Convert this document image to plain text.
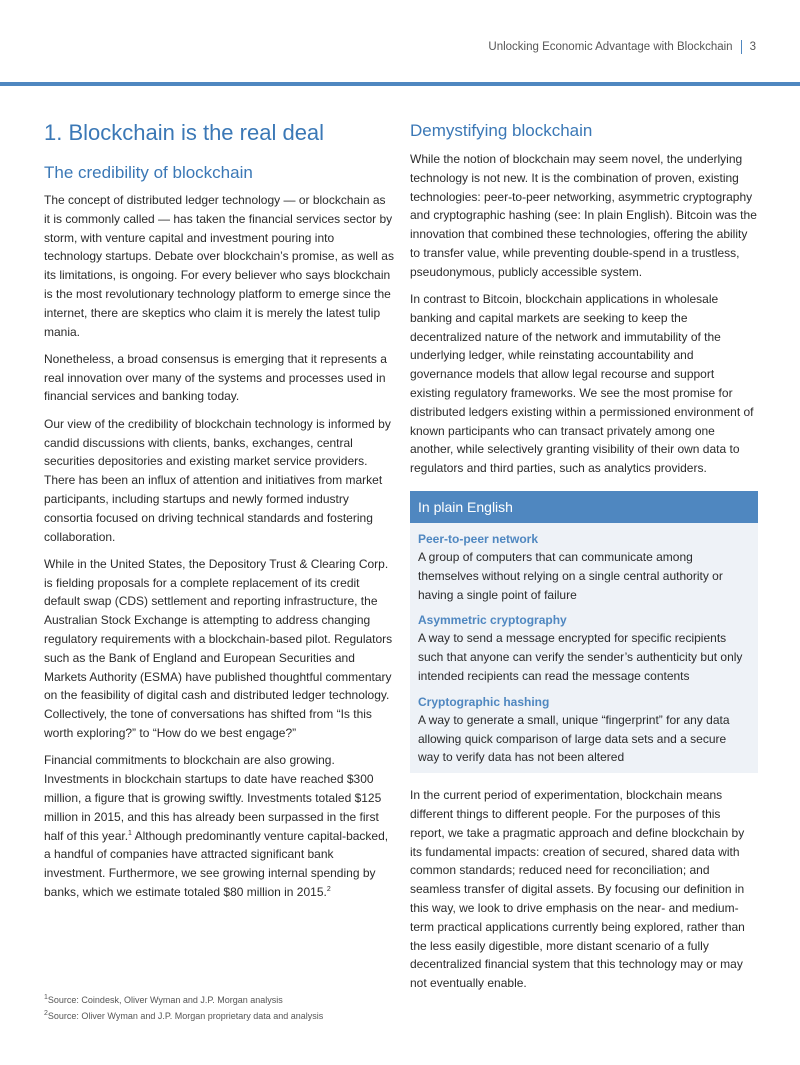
Unlocking Economic Advantage with Blockchain 3
1. Blockchain is the real deal
The credibility of blockchain

The concept of distributed ledger technology — or blockchain as it is commonly called — has taken the financial services sector by storm, with venture capital and investment pouring into technology startups. Debate over blockchain’s promise, as well as its limitations, is ongoing. For every believer who says blockchain is the most revolutionary technology platform to emerge since the internet, there are skeptics who claim it is merely the latest tulip mania.

Nonetheless, a broad consensus is emerging that it represents a real innovation over many of the systems and processes used in financial services and banking today.

Our view of the credibility of blockchain technology is informed by candid discussions with clients, banks, exchanges, central securities depositories and existing market service providers. There has been an influx of attention and initiatives from market participants, including startups and newly formed industry consortia focused on driving technical standards and fostering collaboration.

While in the United States, the Depository Trust & Clearing Corp. is fielding proposals for a complete replacement of its credit default swap (CDS) settlement and reporting infrastructure, the Australian Stock Exchange is attempting to address changing regulatory requirements with a blockchain-based pilot. Regulators such as the Bank of England and European Securities and Markets Authority (ESMA) have published thoughtful commentary on the feasibility of digital cash and distributed ledger technology. Collectively, the tone of conversations has shifted from “Is this worth exploring?” to “How do we best engage?”

Financial commitments to blockchain are also growing. Investments in blockchain startups to date have reached $300 million, a figure that is growing swiftly. Investments totaled $125 million in 2015, and this has already been surpassed in the first half of this year.$^1$ Although predominantly venture capital-backed, a handful of companies have attracted significant bank investment. Furthermore, we see growing internal spending by banks, which we estimate totaled $80 million in 2015.$^2$

$^1$Source: Coindesk, Oliver Wyman and J.P. Morgan analysis
$^2$Source: Oliver Wyman and J.P. Morgan proprietary data and analysis
Demystifying blockchain

While the notion of blockchain may seem novel, the underlying technology is not new. It is the combination of proven, existing technologies: peer-to-peer networking, asymmetric cryptography and cryptographic hashing (see: In plain English). Bitcoin was the innovation that combined these technologies, offering the ability to transfer value, while preventing double-spend in a trustless, pseudonymous, publicly accessible system.

In contrast to Bitcoin, blockchain applications in wholesale banking and capital markets are seeking to keep the decentralized nature of the network and immutability of the underlying ledger, while reinstating accountability and governance models that allow legal recourse and support existing regulatory frameworks. We see the most promise for distributed ledgers existing within a permissioned environment of known participants who can transact privately among one another, while selectively granting visibility of their own data to regulators and third parties, such as analytics providers.

In plain English
Peer-to-peer network

A group of computers that can communicate among themselves without relying on a single central authority or having a single point of failure

Asymmetric cryptography

A way to send a message encrypted for specific recipients such that anyone can verify the sender’s authenticity but only intended recipients can read the message contents

Cryptographic hashing

A way to generate a small, unique “fingerprint” for any data allowing quick comparison of large data sets and a secure way to verify data has not been altered

In the current period of experimentation, blockchain means different things to different people. For the purposes of this report, we take a pragmatic approach and define blockchain by its fundamental impacts: creation of secured, shared data with common standards; reduced need for reconciliation; and seamless transfer of digital assets. By focusing our definition in this way, we look to drive emphasis on the near- and medium-term practical applications currently being explored, rather than the less easily digestible, more distant scenario of a fully decentralized financial system that this technology may or may not eventually enable.
